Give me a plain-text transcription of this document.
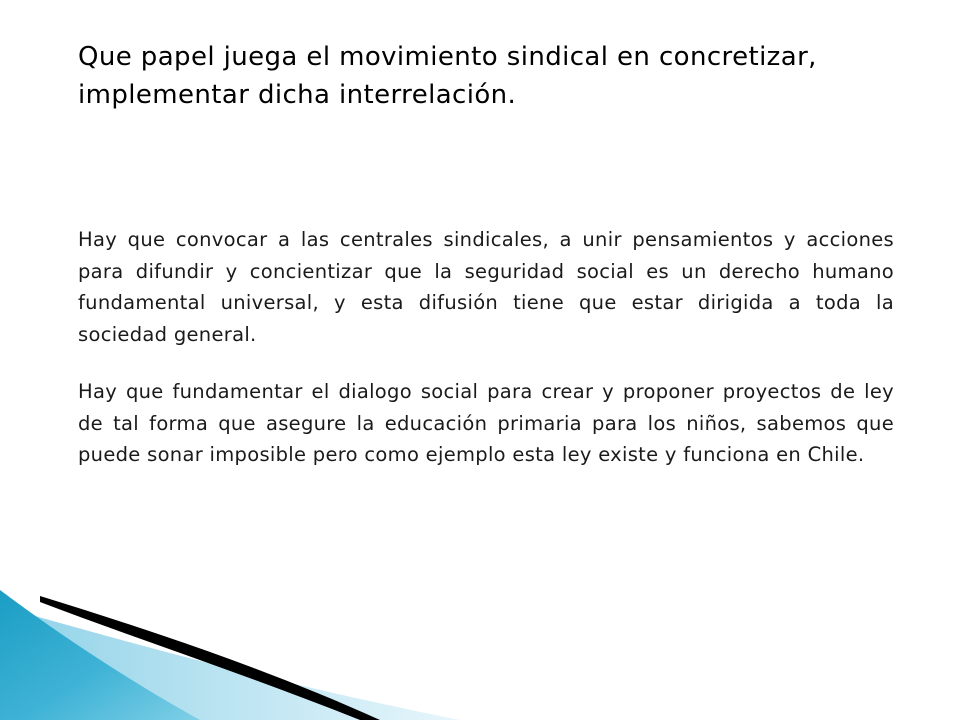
Que papel juega el movimiento sindical en concretizar, implementar dicha interrelación.

Hay que convocar a las centrales sindicales, a unir pensamientos y acciones para difundir y concientizar que la seguridad social es un derecho humano fundamental universal, y esta difusión tiene que estar dirigida a toda la sociedad general.

Hay que fundamentar el dialogo social para crear y proponer proyectos de ley de tal forma que asegure la educación primaria para los niños, sabemos que puede sonar imposible pero como ejemplo esta ley existe y funciona en Chile.
